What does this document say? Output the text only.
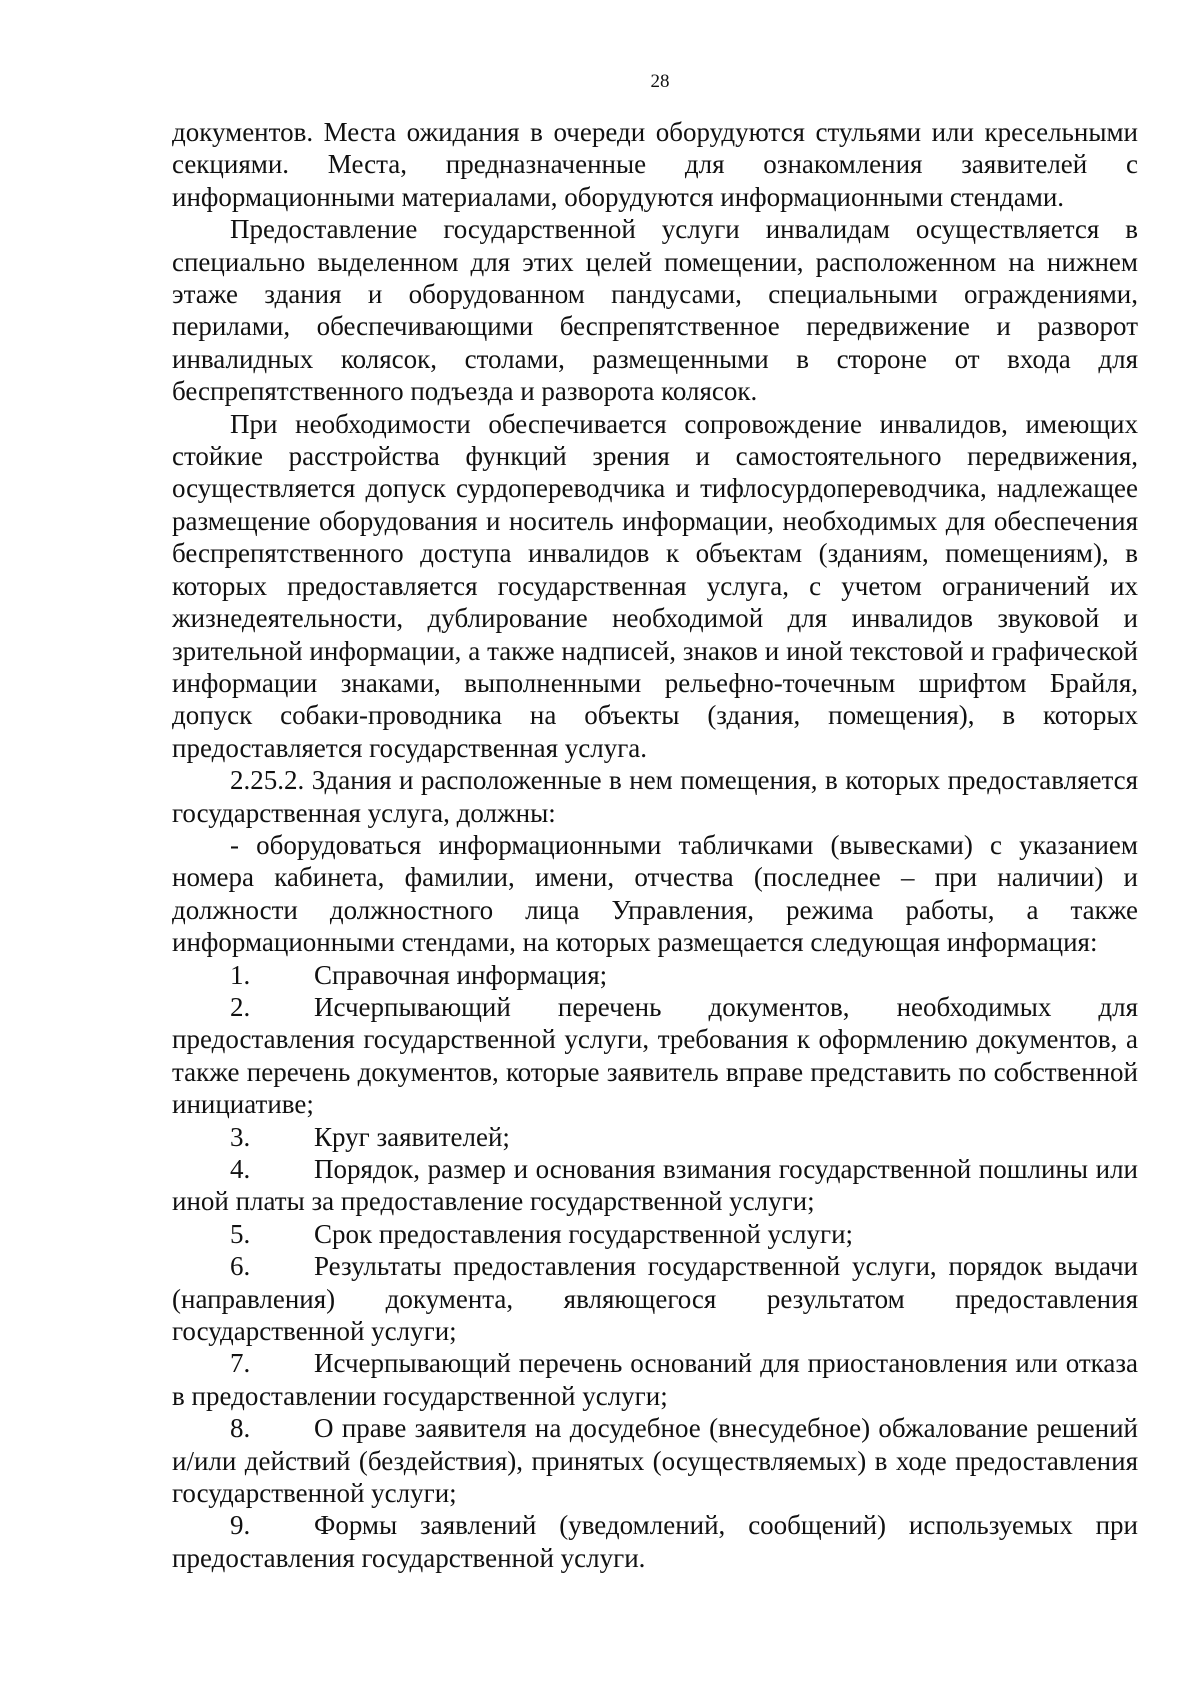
28

документов. Места ожидания в очереди оборудуются стульями или кресельными секциями. Места, предназначенные для ознакомления заявителей с информационными материалами, оборудуются информационными стендами.

Предоставление государственной услуги инвалидам осуществляется в специально выделенном для этих целей помещении, расположенном на нижнем этаже здания и оборудованном пандусами, специальными ограждениями, перилами, обеспечивающими беспрепятственное передвижение и разворот инвалидных колясок, столами, размещенными в стороне от входа для беспрепятственного подъезда и разворота колясок.

При необходимости обеспечивается сопровождение инвалидов, имеющих стойкие расстройства функций зрения и самостоятельного передвижения, осуществляется допуск сурдопереводчика и тифлосурдопереводчика, надлежащее размещение оборудования и носитель информации, необходимых для обеспечения беспрепятственного доступа инвалидов к объектам (зданиям, помещениям), в которых предоставляется государственная услуга, с учетом ограничений их жизнедеятельности, дублирование необходимой для инвалидов звуковой и зрительной информации, а также надписей, знаков и иной текстовой и графической информации знаками, выполненными рельефно-точечным шрифтом Брайля, допуск собаки-проводника на объекты (здания, помещения), в которых предоставляется государственная услуга.

2.25.2. Здания и расположенные в нем помещения, в которых предоставляется государственная услуга, должны:

- оборудоваться информационными табличками (вывесками) с указанием номера кабинета, фамилии, имени, отчества (последнее – при наличии) и должности должностного лица Управления, режима работы, а также информационными стендами, на которых размещается следующая информация:

1. Справочная информация;

2. Исчерпывающий перечень документов, необходимых для предоставления государственной услуги, требования к оформлению документов, а также перечень документов, которые заявитель вправе представить по собственной инициативе;

3. Круг заявителей;

4. Порядок, размер и основания взимания государственной пошлины или иной платы за предоставление государственной услуги;

5. Срок предоставления государственной услуги;

6. Результаты предоставления государственной услуги, порядок выдачи (направления) документа, являющегося результатом предоставления государственной услуги;

7. Исчерпывающий перечень оснований для приостановления или отказа в предоставлении государственной услуги;

8. О праве заявителя на досудебное (внесудебное) обжалование решений и/или действий (бездействия), принятых (осуществляемых) в ходе предоставления государственной услуги;

9. Формы заявлений (уведомлений, сообщений) используемых при предоставления государственной услуги.
